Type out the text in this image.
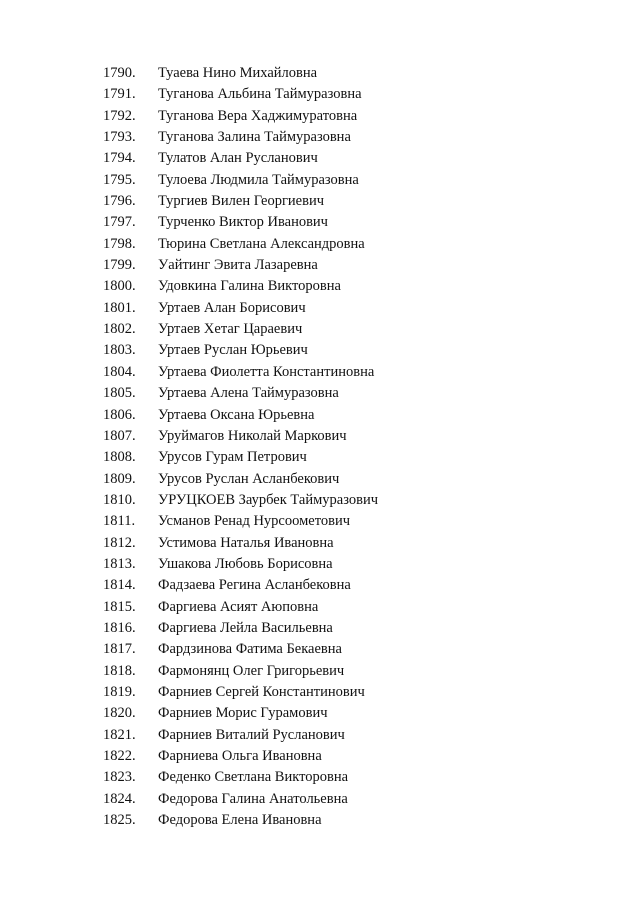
1790. Туаева Нино Михайловна
1791. Туганова Альбина Таймуразовна
1792. Туганова Вера Хаджимуратовна
1793. Туганова Залина Таймуразовна
1794. Тулатов Алан Русланович
1795. Тулоева Людмила Таймуразовна
1796. Тургиев Вилен Георгиевич
1797. Турченко Виктор Иванович
1798. Тюрина Светлана Александровна
1799. Уайтинг Эвита Лазаревна
1800. Удовкина Галина Викторовна
1801. Уртаев Алан Борисович
1802. Уртаев Хетаг Цараевич
1803. Уртаев Руслан Юрьевич
1804. Уртаева Фиолетта Константиновна
1805. Уртаева Алена Таймуразовна
1806. Уртаева Оксана Юрьевна
1807. Уруймагов Николай Маркович
1808. Урусов Гурам Петрович
1809. Урусов Руслан Асланбекович
1810. УРУЦКОЕВ Заурбек Таймуразович
1811. Усманов Ренад Нурсоометович
1812. Устимова Наталья Ивановна
1813. Ушакова Любовь Борисовна
1814. Фадзаева Регина Асланбековна
1815. Фаргиева Асият Аюповна
1816. Фаргиева Лейла Васильевна
1817. Фардзинова Фатима Бекаевна
1818. Фармонянц Олег Григорьевич
1819. Фарниев Сергей Константинович
1820. Фарниев Морис Гурамович
1821. Фарниев Виталий Русланович
1822. Фарниева Ольга Ивановна
1823. Феденко Светлана Викторовна
1824. Федорова Галина Анатольевна
1825. Федорова Елена Ивановна
